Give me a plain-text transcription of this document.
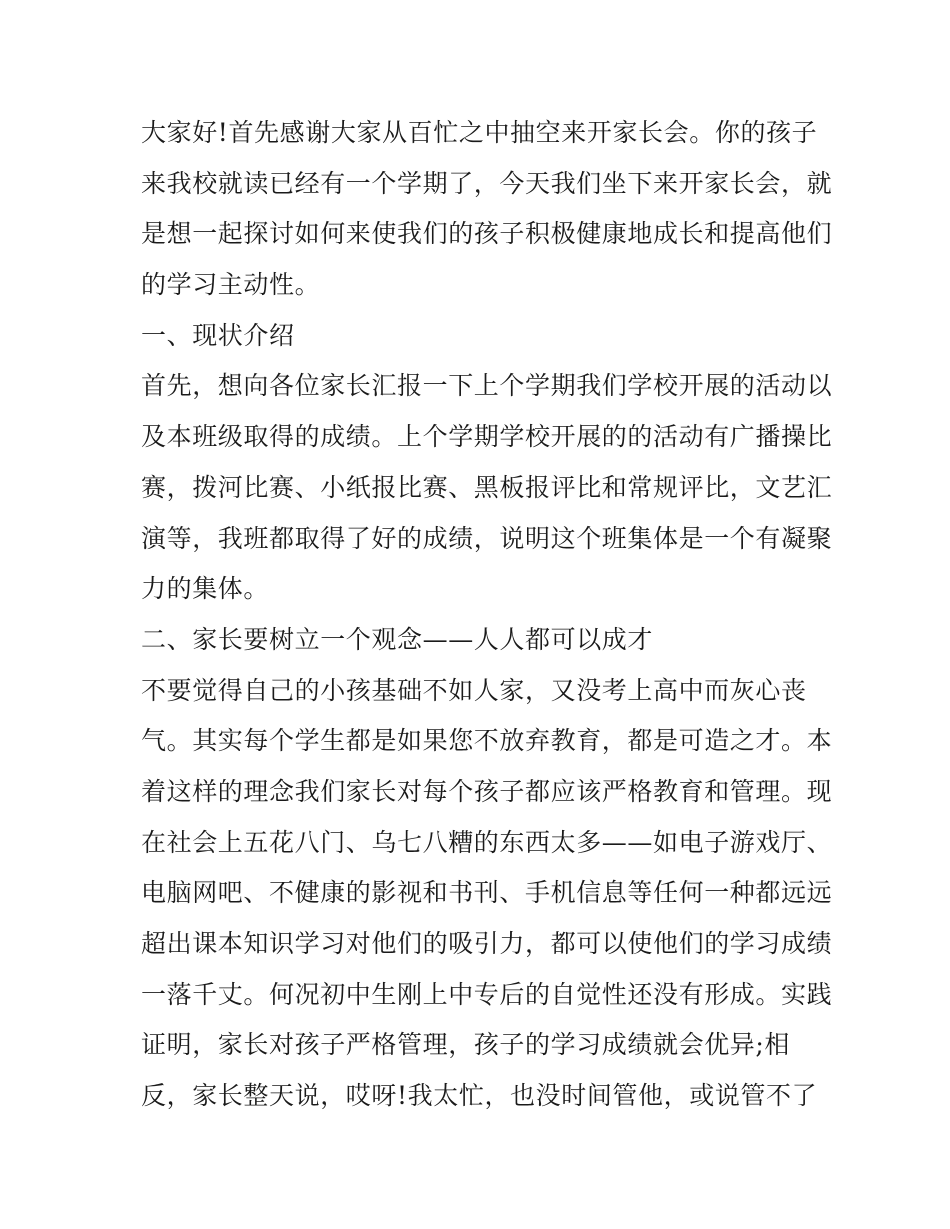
大家好!首先感谢大家从百忙之中抽空来开家长会。你的孩子
来我校就读已经有一个学期了，今天我们坐下来开家长会，就
是想一起探讨如何来使我们的孩子积极健康地成长和提高他们
的学习主动性。
一、现状介绍
首先，想向各位家长汇报一下上个学期我们学校开展的活动以
及本班级取得的成绩。上个学期学校开展的的活动有广播操比
赛，拨河比赛、小纸报比赛、黑板报评比和常规评比，文艺汇
演等，我班都取得了好的成绩，说明这个班集体是一个有凝聚
力的集体。
二、家长要树立一个观念——人人都可以成才
不要觉得自己的小孩基础不如人家，又没考上高中而灰心丧
气。其实每个学生都是如果您不放弃教育，都是可造之才。本
着这样的理念我们家长对每个孩子都应该严格教育和管理。现
在社会上五花八门、乌七八糟的东西太多——如电子游戏厅、
电脑网吧、不健康的影视和书刊、手机信息等任何一种都远远
超出课本知识学习对他们的吸引力，都可以使他们的学习成绩
一落千丈。何况初中生刚上中专后的自觉性还没有形成。实践
证明，家长对孩子严格管理，孩子的学习成绩就会优异;相
反，家长整天说，哎呀!我太忙，也没时间管他，或说管不了
